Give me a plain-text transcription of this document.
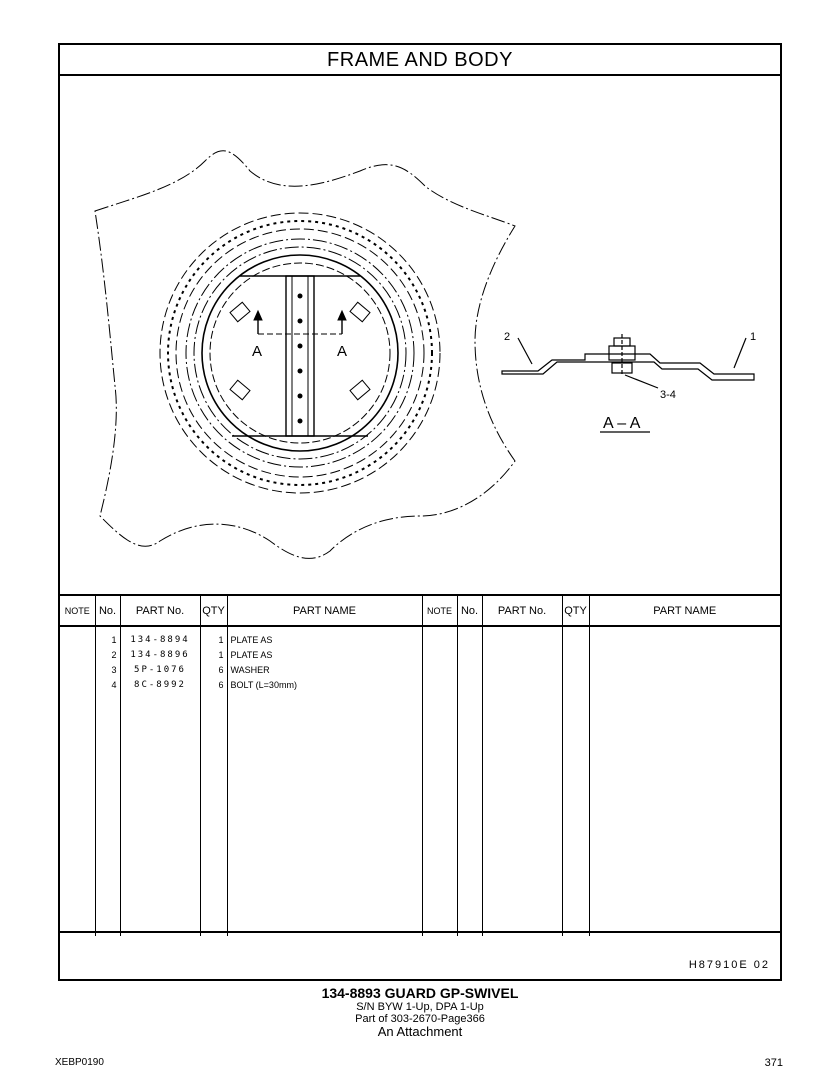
FRAME AND BODY
A	A
2	1
3-4
A – A
NOTE	No.	PART No.	QTY	PART NAME	NOTE	No.	PART No.	QTY	PART NAME

	1	134-8894	1	PLATE AS					
	2	134-8896	1	PLATE AS					
	3	5P-1076	6	WASHER					
	4	8C-8992	6	BOLT (L=30mm)					

H87910E 02
134-8893 GUARD GP-SWIVEL
S/N BYW 1-Up, DPA 1-Up
Part of 303-2670-Page366
An Attachment
XEBP0190	371
